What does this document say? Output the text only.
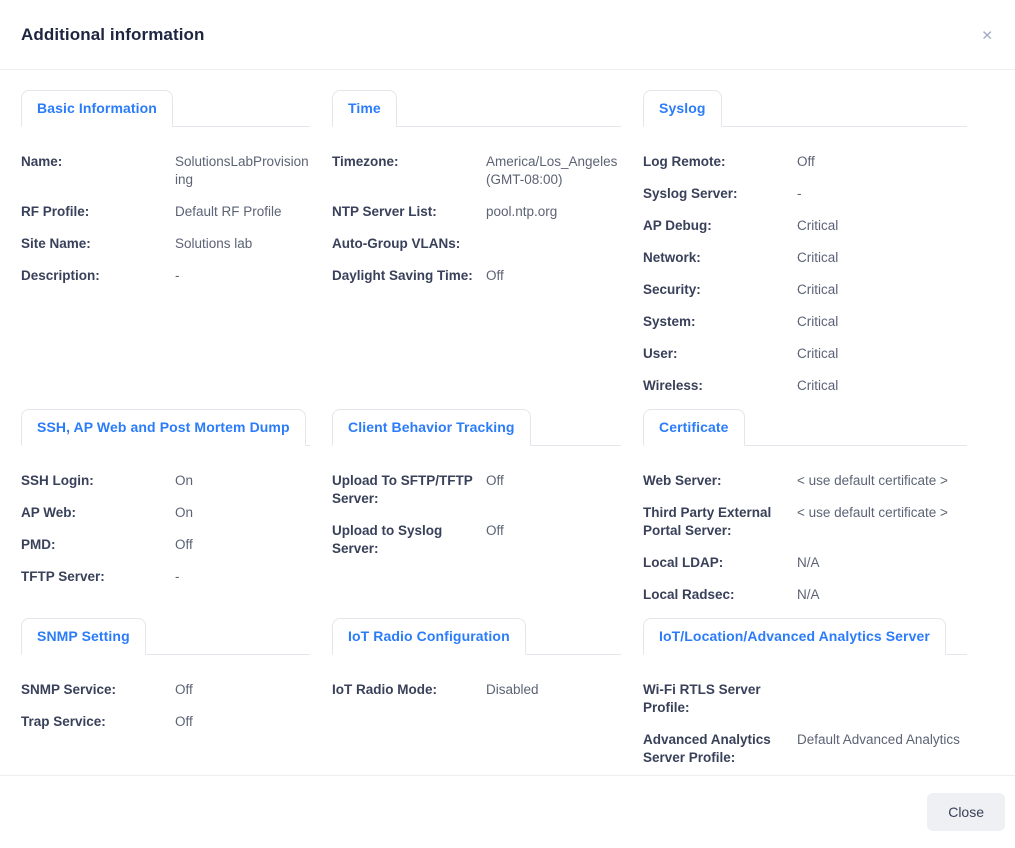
Additional information	✕
Basic Information
Name:	SolutionsLabProvisioning
RF Profile:	Default RF Profile
Site Name:	Solutions lab
Description:	-
Time
Timezone:	America/Los_Angeles (GMT-08:00)
NTP Server List:	pool.ntp.org
Auto-Group VLANs:
Daylight Saving Time: Off
Syslog
Log Remote:	Off
Syslog Server:	-
AP Debug:	Critical
Network:	Critical
Security:	Critical
System:	Critical
User:	Critical
Wireless:	Critical
SSH, AP Web and Post Mortem Dump
SSH Login:	On
AP Web:	On
PMD:	Off
TFTP Server:	-
Client Behavior Tracking
Upload To SFTP/TFTP Server:
Off
Upload to Syslog Server:
Off
Certificate
Web Server:	< use default certificate >
Third Party External Portal Server:
< use default certificate >
Local LDAP:	N/A
Local Radsec:	N/A
SNMP Setting
SNMP Service:	Off
Trap Service:	Off
IoT Radio Configuration
IoT Radio Mode:	Disabled
IoT/Location/Advanced Analytics Server
Wi-Fi RTLS Server Profile:
Advanced Analytics Server Profile:
Default Advanced Analytics
Close
